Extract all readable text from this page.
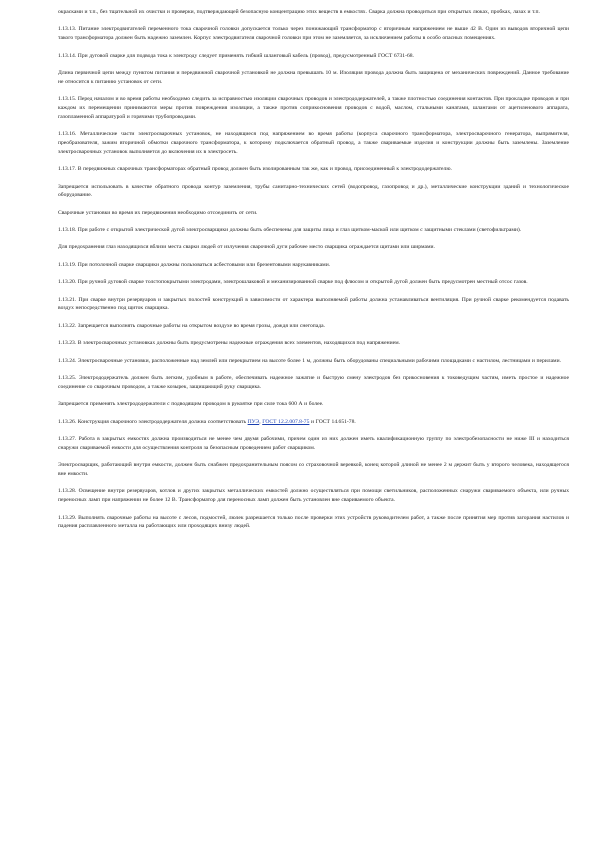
окрасками и т.п., без тщательной их очистки и проверки, подтверждающей безопасную концентрацию этих веществ в емкостях. Сварка должна проводиться при открытых люках, пробках, лазах и т.п.

1.13.13. Питание электродвигателей переменного тока сварочной головки допускается только через понижающий трансформатор с вторичным напряжением не выше 42 В. Один из выводов вторичной цепи такого трансформатора должен быть надежно заземлен. Корпус электродвигателя сварочной головки при этом не заземляется, за исключением работы в особо опасных помещениях.

1.13.14. При дуговой сварке для подвода тока к электроду следует применять гибкий шланговый кабель (провод), предусмотренный ГОСТ 6731-68.

Длина первичной цепи между пунктом питания и передвижной сварочной установкой не должна превышать 10 м. Изоляция провода должна быть защищена от механических повреждений. Данное требование не относится к питанию установок от сети.

1.13.15. Перед началом и во время работы необходимо следить за исправностью изоляции сварочных проводов и электрододержателей, а также плотностью соединения контактов. При прокладке проводов и при каждом их перемещении принимаются меры против повреждения изоляции, а также против соприкосновения проводов с водой, маслом, стальными канатами, шлангами от ацетиленового аппарата, газопламенной аппаратурой и горячими трубопроводами.

1.13.16. Металлические части электросварочных установок, не находящиеся под напряжением во время работы (корпуса сварочного трансформатора, электросварочного генератора, выпрямителя, преобразователя, зажим вторичной обмотки сварочного трансформатора, к которому подключается обратный провод, а также свариваемые изделия и конструкции должны быть заземлены. Заземление электросварочных установок выполняется до включения их в электросеть.

1.13.17. В передвижных сварочных трансформаторах обратный провод должен быть изолированным так же, как и провод, присоединенный к электрододержателю.

Запрещается использовать в качестве обратного провода контур заземления, трубы санитарно-технических сетей (водопровод, газопровод и др.), металлические конструкции зданий и технологическое оборудование.

Сварочные установки во время их передвижения необходимо отсоединить от сети.

1.13.18. При работе с открытой электрической дугой электросварщики должны быть обеспечены для защиты лица и глаз щитком-маской или щитком с защитными стеклами (светофильтрами).

Для предохранения глаз находящихся вблизи места сварки людей от излучения сварочной дуги рабочее место сварщика ограждается щитами или ширмами.

1.13.19. При потолочной сварке сварщики должны пользоваться асбестовыми или брезентовыми нарукавниками.

1.13.20. При ручной дуговой сварке толстопокрытыми электродами, электрошлаковой и механизированной сварке под флюсом и открытой дугой должен быть предусмотрен местный отсос газов.

1.13.21. При сварке внутри резервуаров и закрытых полостей конструкций в зависимости от характера выполняемой работы должна устанавливаться вентиляция. При ручной сварке рекомендуется подавать воздух непосредственно под щиток сварщика.

1.13.22. Запрещается выполнять сварочные работы на открытом воздухе во время грозы, дождя или снегопада.

1.13.23. В электросварочных установках должны быть предусмотрены надежные ограждения всех элементов, находящихся под напряжением.

1.13.24. Электросварочные установки, расположенные над землей или перекрытием на высоте более 1 м, должны быть оборудованы специальными рабочими площадками с настилом, лестницами и перилами.

1.13.25. Электрододержатель должен быть легким, удобным в работе, обеспечивать надежное зажатие и быструю смену электродов без прикосновения к токоведущим частям, иметь простое и надежное соединение со сварочным проводом, а также козырек, защищающий руку сварщика.

Запрещается применять электрододержатели с подводящим проводом в рукоятке при силе тока 600 А и более.

1.13.26. Конструкция сварочного электрододержателя должна соответствовать ПУЭ, ГОСТ 12.2.007.8-75 и ГОСТ 14.651-78.

1.13.27. Работа в закрытых емкостях должна производиться не менее чем двумя рабочими, причем один из них должен иметь квалификационную группу по электробезопасности не ниже III и находиться снаружи свариваемой емкости для осуществления контроля за безопасным проведением работ сварщиком.

Электросварщик, работающий внутри емкости, должен быть снабжен предохранительным поясом со страховочной веревкой, конец которой длиной не менее 2 м держит быть у второго человека, находящегося вне емкости.

1.13.28. Освещение внутри резервуаров, котлов и других закрытых металлических емкостей должно осуществляться при помощи светильников, расположенных снаружи свариваемого объекта, или ручных переносных ламп при напряжении не более 12 В. Трансформатор для переносных ламп должен быть установлен вне свариваемого объекта.

1.13.29. Выполнять сварочные работы на высоте с лесов, подмостей, люлек разрешается только после проверки этих устройств руководителем работ, а также после принятия мер против загорания настилов и падения расплавленного металла на работающих или проходящих внизу людей.
